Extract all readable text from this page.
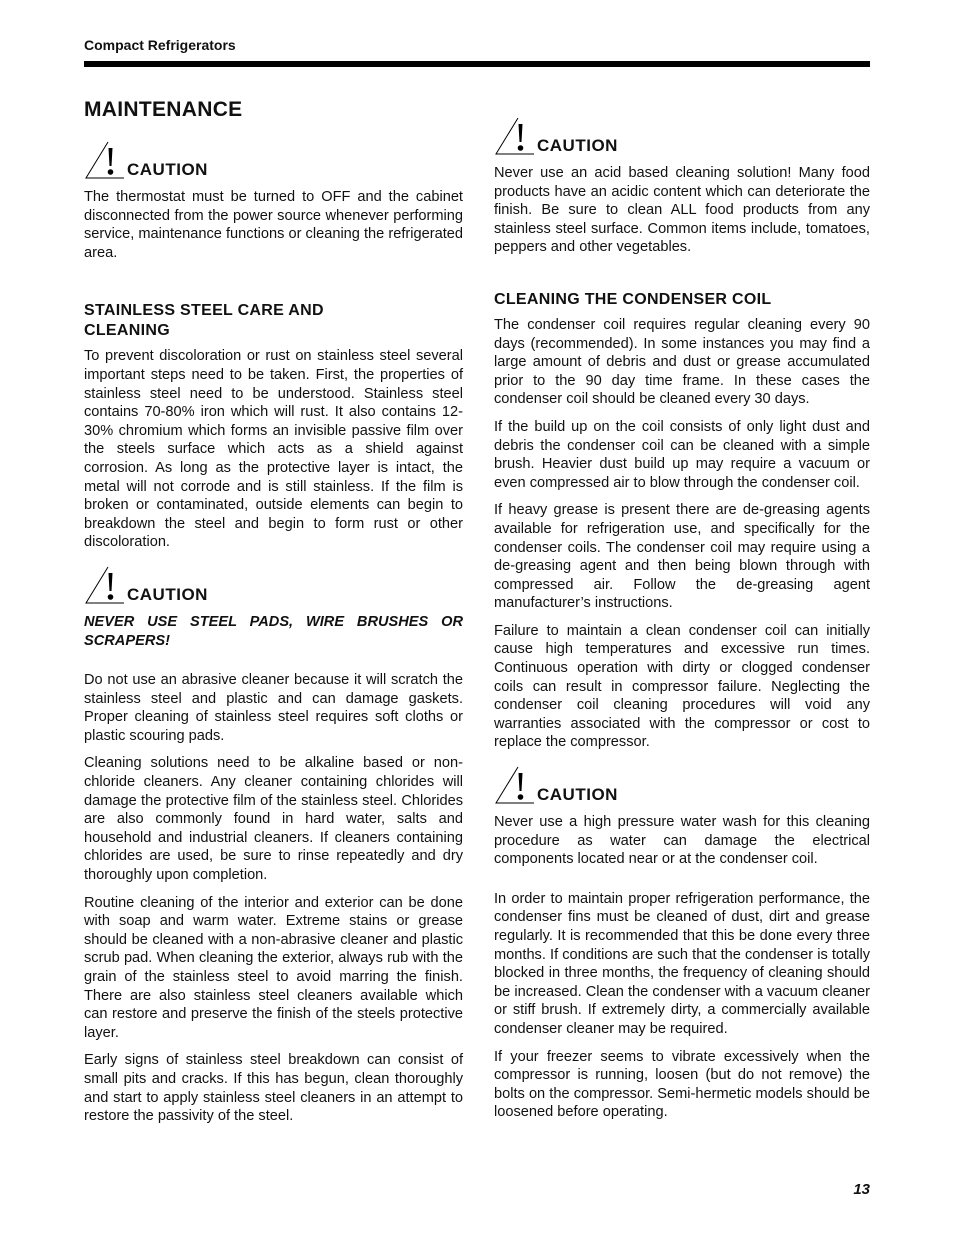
Compact Refrigerators
MAINTENANCE
CAUTION

The thermostat must be turned to OFF and the cabinet disconnected from the power source whenever performing service, maintenance functions or cleaning the refrigerated area.

STAINLESS STEEL CARE AND
CLEANING

To prevent discoloration or rust on stainless steel several important steps need to be taken. First, the properties of stainless steel need to be understood. Stainless steel contains 70-80% iron which will rust. It also contains 12-30% chromium which forms an invisible passive film over the steels surface which acts as a shield against corrosion. As long as the protective layer is intact, the metal will not corrode and is still stainless. If the film is broken or contaminated, outside elements can begin to breakdown the steel and begin to form rust or other discoloration.

CAUTION

NEVER USE STEEL PADS, WIRE BRUSHES OR SCRAPERS!

Do not use an abrasive cleaner because it will scratch the stainless steel and plastic and can damage gaskets. Proper cleaning of stainless steel requires soft cloths or plastic scouring pads.

Cleaning solutions need to be alkaline based or non-chloride cleaners. Any cleaner containing chlorides will damage the protective film of the stainless steel. Chlorides are also commonly found in hard water, salts and household and industrial cleaners. If cleaners containing chlorides are used, be sure to rinse repeatedly and dry thoroughly upon completion.

Routine cleaning of the interior and exterior can be done with soap and warm water. Extreme stains or grease should be cleaned with a non-abrasive cleaner and plastic scrub pad. When cleaning the exterior, always rub with the grain of the stainless steel to avoid marring the finish. There are also stainless steel cleaners available which can restore and preserve the finish of the steels protective layer.

Early signs of stainless steel breakdown can consist of small pits and cracks. If this has begun, clean thoroughly and start to apply stainless steel cleaners in an attempt to restore the passivity of the steel.

CAUTION

Never use an acid based cleaning solution! Many food products have an acidic content which can deteriorate the finish. Be sure to clean ALL food products from any stainless steel surface. Common items include, tomatoes, peppers and other vegetables.

CLEANING THE CONDENSER COIL

The condenser coil requires regular cleaning every 90 days (recommended). In some instances you may find a large amount of debris and dust or grease accumulated prior to the 90 day time frame. In these cases the condenser coil should be cleaned every 30 days.

If the build up on the coil consists of only light dust and debris the condenser coil can be cleaned with a simple brush. Heavier dust build up may require a vacuum or even compressed air to blow through the condenser coil.

If heavy grease is present there are de-greasing agents available for refrigeration use, and specifically for the condenser coils. The condenser coil may require using a de-greasing agent and then being blown through with compressed air. Follow the de-greasing agent manufacturer’s instructions.

Failure to maintain a clean condenser coil can initially cause high temperatures and excessive run times. Continuous operation with dirty or clogged condenser coils can result in compressor failure. Neglecting the condenser coil cleaning procedures will void any warranties associated with the compressor or cost to replace the compressor.

CAUTION

Never use a high pressure water wash for this cleaning procedure as water can damage the electrical components located near or at the condenser coil.

In order to maintain proper refrigeration performance, the condenser fins must be cleaned of dust, dirt and grease regularly. It is recommended that this be done every three months. If conditions are such that the condenser is totally blocked in three months, the frequency of cleaning should be increased. Clean the condenser with a vacuum cleaner or stiff brush. If extremely dirty, a commercially available condenser cleaner may be required.

If your freezer seems to vibrate excessively when the compressor is running, loosen (but do not remove) the bolts on the compressor. Semi-hermetic models should be loosened before operating.

13
